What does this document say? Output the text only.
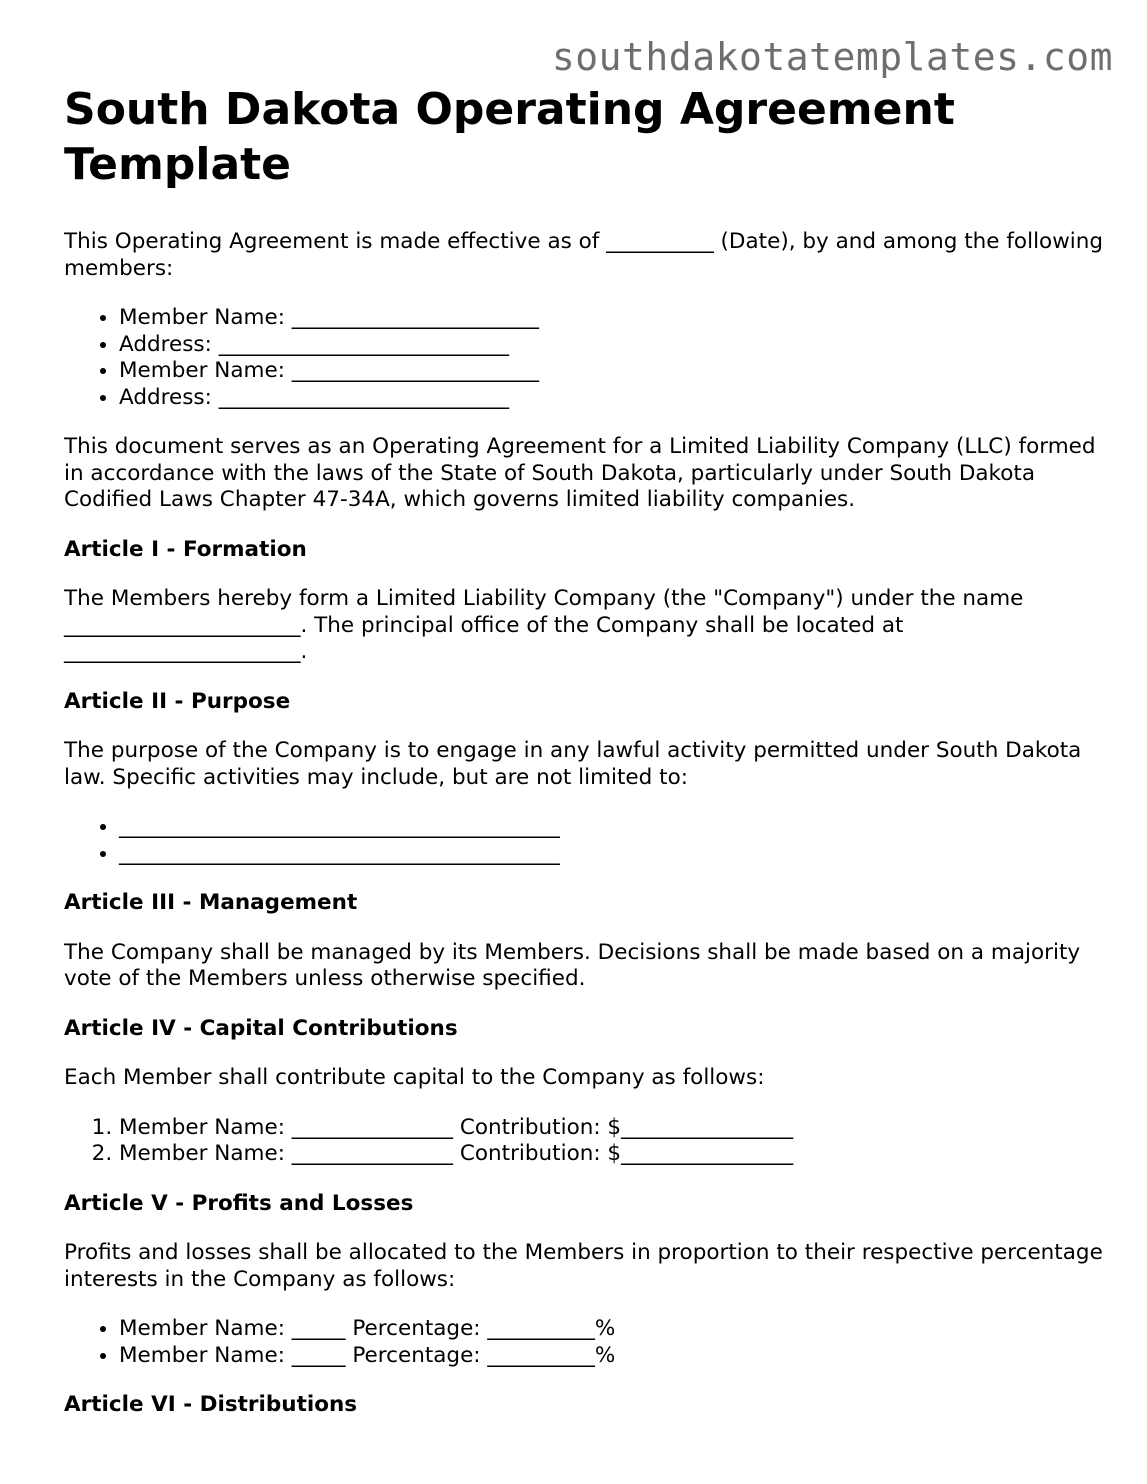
southdakotatemplates.com
South Dakota Operating Agreement Template

This Operating Agreement is made effective as of __________ (Date), by and among the following members:

• Member Name: _______________________
• Address: ___________________________
• Member Name: _______________________
• Address: ___________________________

This document serves as an Operating Agreement for a Limited Liability Company (LLC) formed in accordance with the laws of the State of South Dakota, particularly under South Dakota Codified Laws Chapter 47-34A, which governs limited liability companies.

Article I - Formation

The Members hereby form a Limited Liability Company (the "Company") under the name ______________________. The principal office of the Company shall be located at ______________________.

Article II - Purpose

The purpose of the Company is to engage in any lawful activity permitted under South Dakota law. Specific activities may include, but are not limited to:

• _________________________________________
• _________________________________________
Article III - Management

The Company shall be managed by its Members. Decisions shall be made based on a majority vote of the Members unless otherwise specified.

Article IV - Capital Contributions

Each Member shall contribute capital to the Company as follows:

1. Member Name: _______________ Contribution: $________________
2. Member Name: _______________ Contribution: $________________
Article V - Profits and Losses

Profits and losses shall be allocated to the Members in proportion to their respective percentage interests in the Company as follows:

• Member Name: _____ Percentage: __________%
• Member Name: _____ Percentage: __________%
Article VI - Distributions
